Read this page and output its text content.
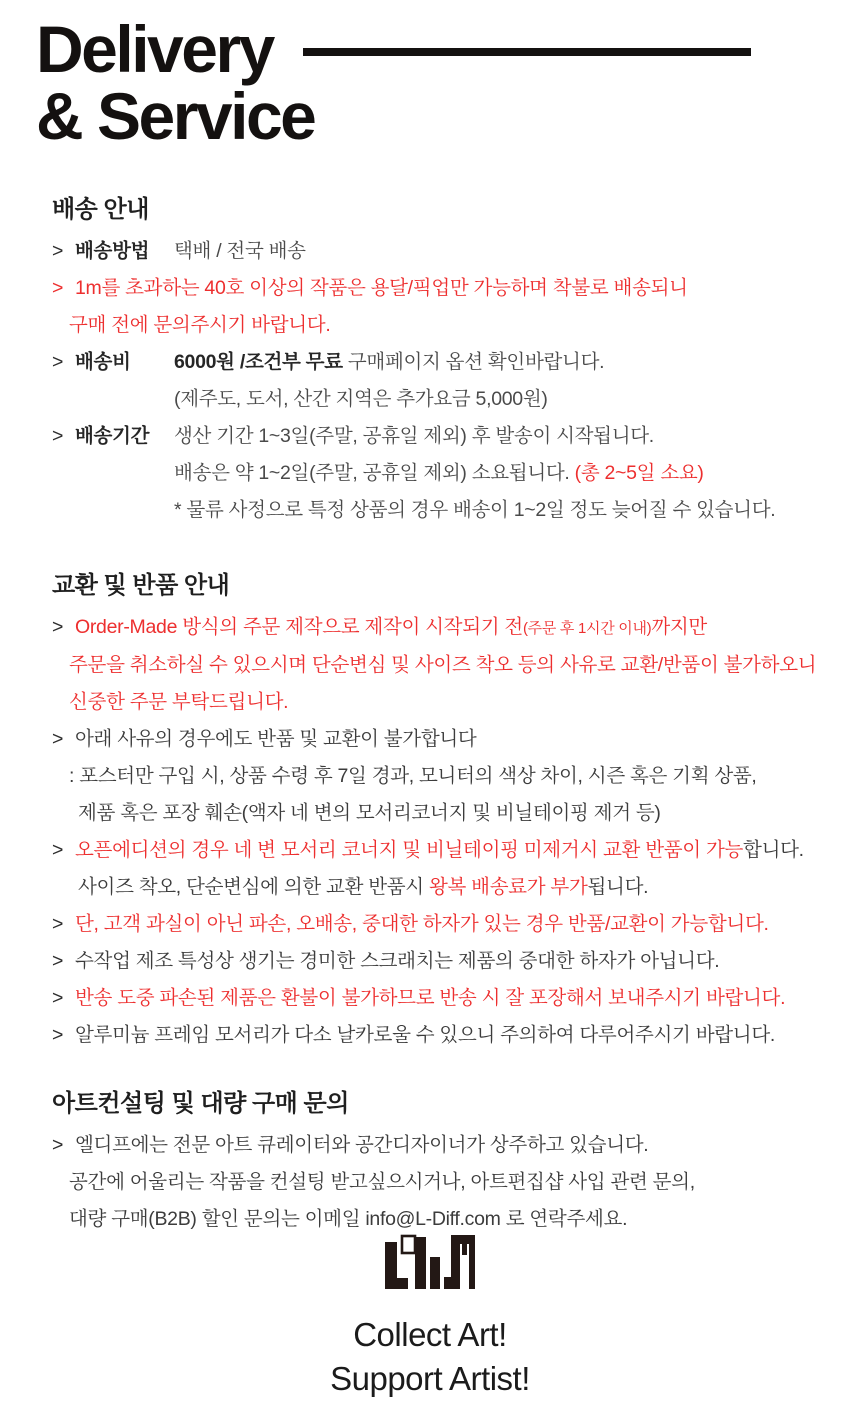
Delivery
& Service
배송 안내
> 배송방법	택배 / 전국 배송
> 1m를 초과하는 40호 이상의 작품은 용달/픽업만 가능하며 착불로 배송되니
구매 전에 문의주시기 바랍니다.
> 배송비	6000원 /조건부 무료 구매페이지 옵션 확인바랍니다.
(제주도, 도서, 산간 지역은 추가요금 5,000원)
> 배송기간	생산 기간 1~3일(주말, 공휴일 제외) 후 발송이 시작됩니다.
배송은 약 1~2일(주말, 공휴일 제외) 소요됩니다. (총 2~5일 소요)
* 물류 사정으로 특정 상품의 경우 배송이 1~2일 정도 늦어질 수 있습니다.
교환 및 반품 안내
> Order-Made 방식의 주문 제작으로 제작이 시작되기 전(주문 후 1시간 이내)까지만
주문을 취소하실 수 있으시며 단순변심 및 사이즈 착오 등의 사유로 교환/반품이 불가하오니
신중한 주문 부탁드립니다.
> 아래 사유의 경우에도 반품 및 교환이 불가합니다
: 포스터만 구입 시, 상품 수령 후 7일 경과, 모니터의 색상 차이, 시즌 혹은 기획 상품,
제품 혹은 포장 훼손(액자 네 변의 모서리코너지 및 비닐테이핑 제거 등)
> 오픈에디션의 경우 네 변 모서리 코너지 및 비닐테이핑 미제거시 교환 반품이 가능합니다.
사이즈 착오, 단순변심에 의한 교환 반품시 왕복 배송료가 부가됩니다.
> 단, 고객 과실이 아닌 파손, 오배송, 중대한 하자가 있는 경우 반품/교환이 가능합니다.
> 수작업 제조 특성상 생기는 경미한 스크래치는 제품의 중대한 하자가 아닙니다.
> 반송 도중 파손된 제품은 환불이 불가하므로 반송 시 잘 포장해서 보내주시기 바랍니다.
> 알루미늄 프레임 모서리가 다소 날카로울 수 있으니 주의하여 다루어주시기 바랍니다.
아트컨설팅 및 대량 구매 문의
> 엘디프에는 전문 아트 큐레이터와 공간디자이너가 상주하고 있습니다.
공간에 어울리는 작품을 컨설팅 받고싶으시거나, 아트편집샵 사입 관련 문의,
대량 구매(B2B) 할인 문의는 이메일 info@L-Diff.com 로 연락주세요.
Collect Art!
Support Artist!
